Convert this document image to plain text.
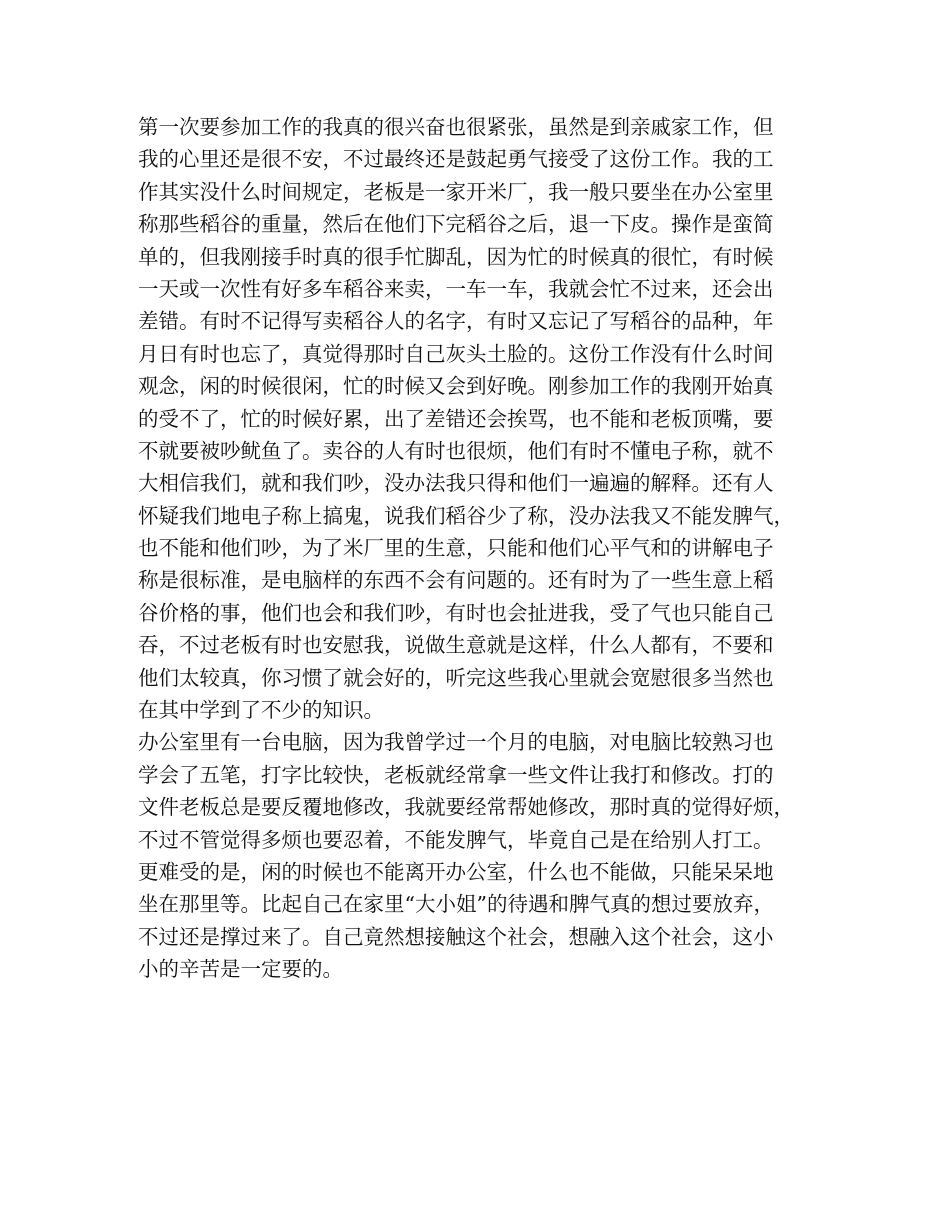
第一次要参加工作的我真的很兴奋也很紧张，虽然是到亲戚家工作，但
我的心里还是很不安，不过最终还是鼓起勇气接受了这份工作。我的工
作其实没什么时间规定，老板是一家开米厂，我一般只要坐在办公室里
称那些稻谷的重量，然后在他们下完稻谷之后，退一下皮。操作是蛮简
单的，但我刚接手时真的很手忙脚乱，因为忙的时候真的很忙，有时候
一天或一次性有好多车稻谷来卖，一车一车，我就会忙不过来，还会出
差错。有时不记得写卖稻谷人的名字，有时又忘记了写稻谷的品种，年
月日有时也忘了，真觉得那时自己灰头土脸的。这份工作没有什么时间
观念，闲的时候很闲，忙的时候又会到好晚。刚参加工作的我刚开始真
的受不了，忙的时候好累，出了差错还会挨骂，也不能和老板顶嘴，要
不就要被吵鱿鱼了。卖谷的人有时也很烦，他们有时不懂电子称，就不
大相信我们，就和我们吵，没办法我只得和他们一遍遍的解释。还有人
怀疑我们地电子称上搞鬼，说我们稻谷少了称，没办法我又不能发脾气，
也不能和他们吵，为了米厂里的生意，只能和他们心平气和的讲解电子
称是很标准，是电脑样的东西不会有问题的。还有时为了一些生意上稻
谷价格的事，他们也会和我们吵，有时也会扯进我，受了气也只能自己
吞，不过老板有时也安慰我，说做生意就是这样，什么人都有，不要和
他们太较真，你习惯了就会好的，听完这些我心里就会宽慰很多当然也
在其中学到了不少的知识。
办公室里有一台电脑，因为我曾学过一个月的电脑，对电脑比较熟习也
学会了五笔，打字比较快，老板就经常拿一些文件让我打和修改。打的
文件老板总是要反覆地修改，我就要经常帮她修改，那时真的觉得好烦，
不过不管觉得多烦也要忍着，不能发脾气，毕竟自己是在给别人打工。
更难受的是，闲的时候也不能离开办公室，什么也不能做，只能呆呆地
坐在那里等。比起自己在家里“大小姐”的待遇和脾气真的想过要放弃，
不过还是撑过来了。自己竟然想接触这个社会，想融入这个社会，这小
小的辛苦是一定要的。
